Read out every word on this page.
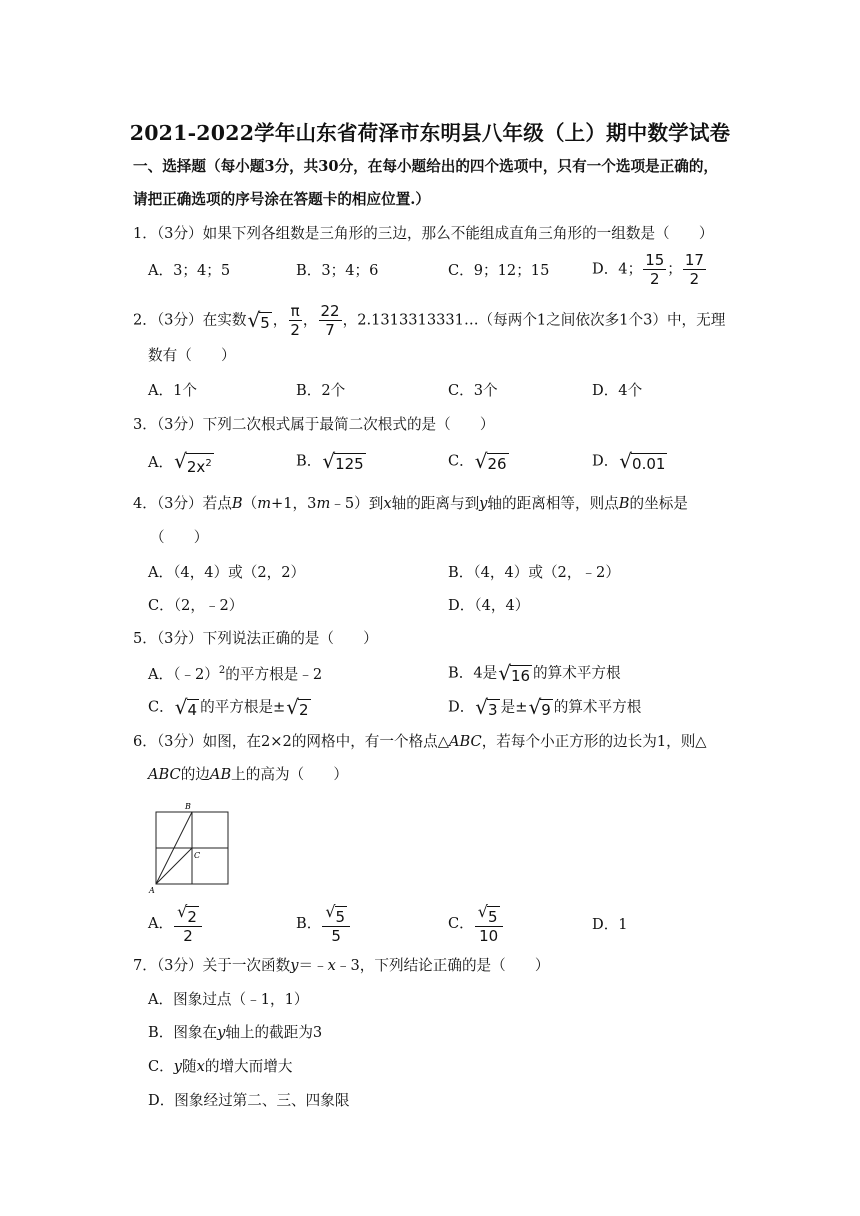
2021-2022学年山东省荷泽市东明县八年级（上）期中数学试卷
一、选择题（每小题3分，共30分，在每小题给出的四个选项中，只有一个选项是正确的，
请把正确选项的序号涂在答题卡的相应位置.）
1．（3分）如果下列各组数是三角形的三边，那么不能组成直角三角形的一组数是（　　）
A．3；4；5	B．3；4；6	C．9；12；15	D．4； $\frac{15}{2}$ ； $\frac{17}{2}$
2．（3分）在实数 √ 5 ， $\frac{\pi}{2}$ ， $\frac{22}{7}$ ，2.1313313331…（每两个1之间依次多1个3）中，无理
数有（　　）
A．1个	B．2个	C．3个	D．4个
3．（3分）下列二次根式属于最简二次根式的是（　　）
A． √ $2x^2$	B． √ 125	C． √ 26	D． √ 0.01
4．（3分）若点B（m+1，3m﹣5）到x轴的距离与到y轴的距离相等，则点B的坐标是
（　　）
A．（4，4）或（2，2）	B．（4，4）或（2，﹣2）
C．（2，﹣2）	D．（4，4）
5．（3分）下列说法正确的是（　　）
A．（﹣2）$^2$的平方根是﹣2	B．4是 √ 16 的算术平方根
C． √ 4 的平方根是± √ 2	D． √ 3 是± √ 9 的算术平方根
6．（3分）如图，在2×2的网格中，有一个格点△ABC，若每个小正方形的边长为1，则△
ABC的边AB上的高为（　　）
A
B
C
A． $\frac{√ 2}{2}$	B． $\frac{√ 5}{5}$	C． $\frac{√ 5}{10}$	D．1
7．（3分）关于一次函数y＝﹣x﹣3，下列结论正确的是（　　）
A．图象过点（﹣1，1）
B．图象在y轴上的截距为3
C．y随x的增大而增大
D．图象经过第二、三、四象限
